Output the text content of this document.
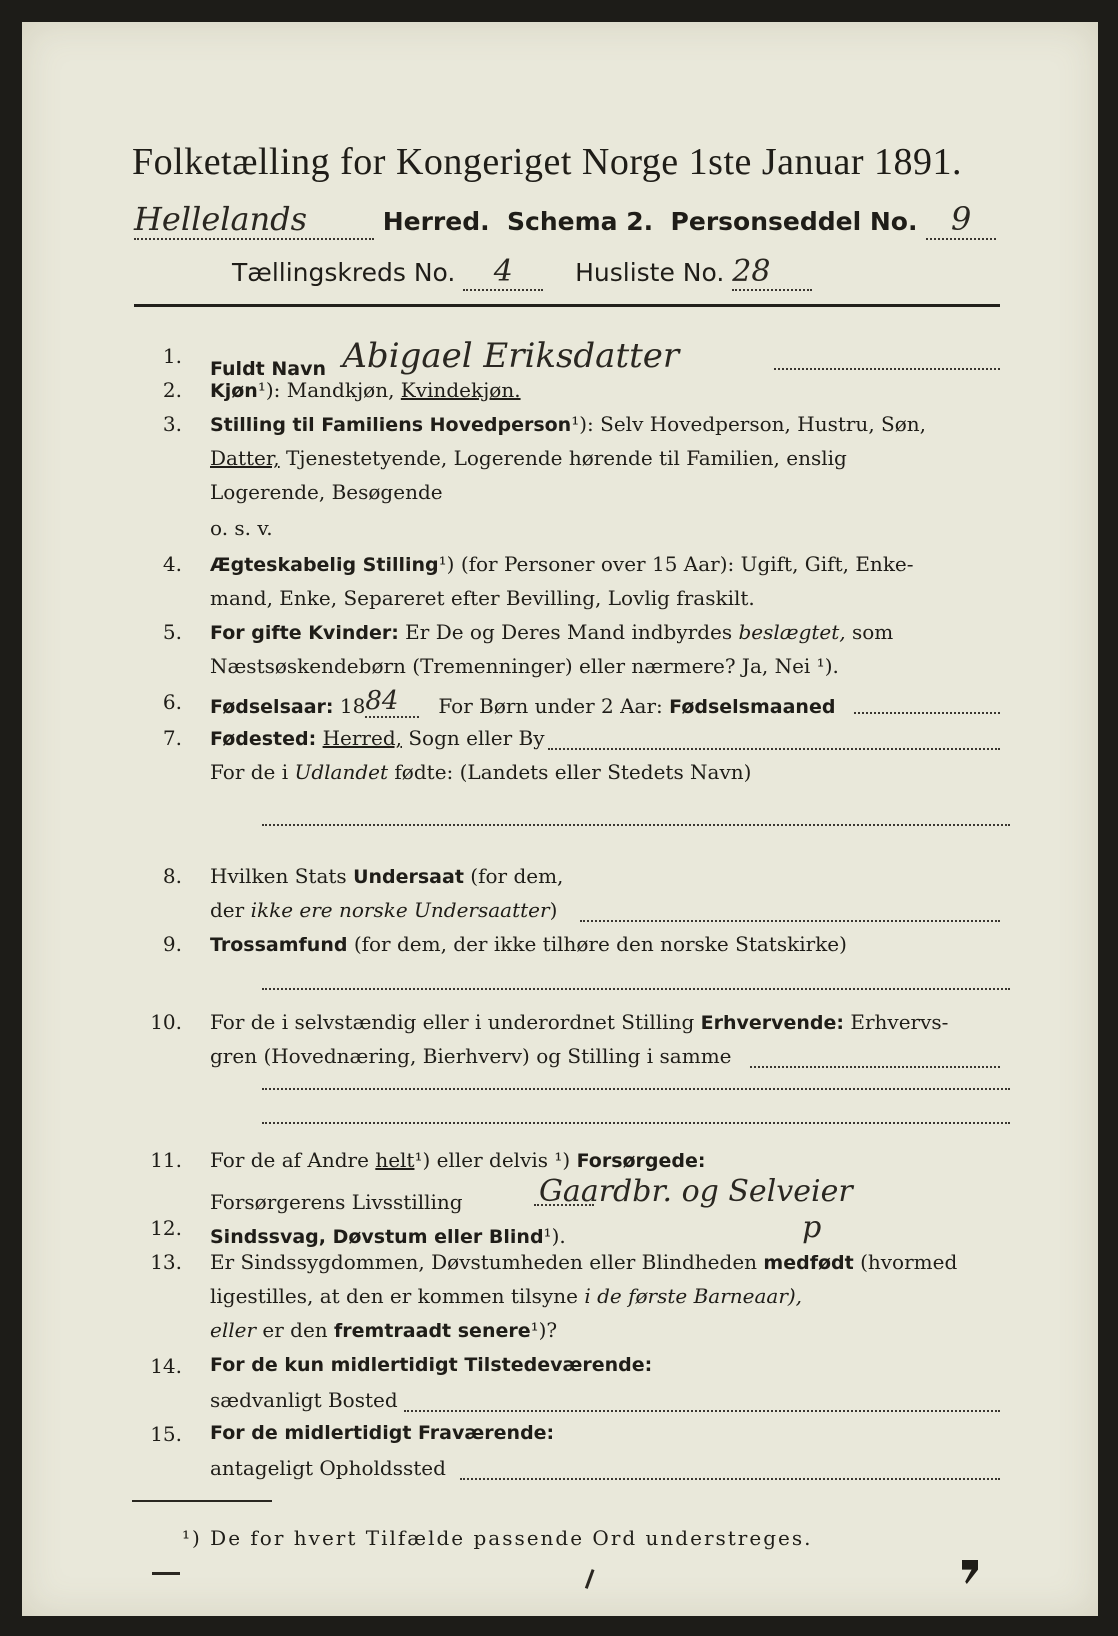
Folketælling for Kongeriget Norge 1ste Januar 1891.
Hellelands	Herred. Schema 2. Personseddel No. 9
Tællingskreds No. 4 Husliste No. 28
1.
Fuldt Navn Abigael Eriksdatter
2. Kjøn¹): Mandkjøn, Kvindekjøn.
3. Stilling til Familiens Hovedperson¹): Selv Hovedperson, Hustru, Søn,
Datter, Tjenestetyende, Logerende hørende til Familien, enslig
Logerende, Besøgende
o. s. v.
4. Ægteskabelig Stilling¹) (for Personer over 15 Aar): Ugift, Gift, Enke-
mand, Enke, Separeret efter Bevilling, Lovlig fraskilt.
5. For gifte Kvinder: Er De og Deres Mand indbyrdes beslægtet, som
Næstsøskendebørn (Tremenninger) eller nærmere? Ja, Nei ¹).
6. Fødselsaar: 1884 For Børn under 2 Aar: Fødselsmaaned
7. Fødested: Herred, Sogn eller By
For de i Udlandet fødte: (Landets eller Stedets Navn)
8. Hvilken Stats Undersaat (for dem,
der ikke ere norske Undersaatter)
9. Trossamfund (for dem, der ikke tilhøre den norske Statskirke)
10. For de i selvstændig eller i underordnet Stilling Erhvervende: Erhvervs-
gren (Hovednæring, Bierhverv) og Stilling i samme
11. For de af Andre helt¹) eller delvis ¹) Forsørgede:
Forsørgerens Livsstilling	Gaardbr. og Selveier
12. Sindssvag, Døvstum eller Blind¹).	p
13. Er Sindssygdommen, Døvstumheden eller Blindheden medfødt (hvormed
ligestilles, at den er kommen tilsyne i de første Barneaar),
eller er den fremtraadt senere¹)?
14. For de kun midlertidigt Tilstedeværende:
sædvanligt Bosted
15. For de midlertidigt Fraværende:
antageligt Opholdssted
¹) De for hvert Tilfælde passende Ord understreges.
